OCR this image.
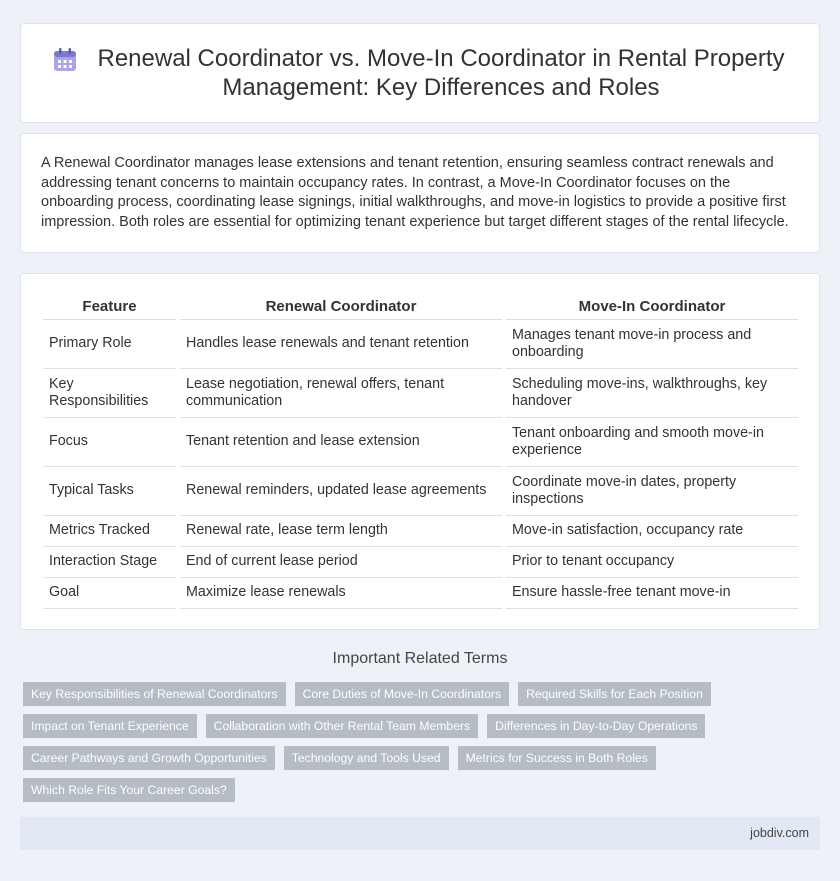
Renewal Coordinator vs. Move-In Coordinator in Rental Property Management: Key Differences and Roles

A Renewal Coordinator manages lease extensions and tenant retention, ensuring seamless contract renewals and addressing tenant concerns to maintain occupancy rates. In contrast, a Move-In Coordinator focuses on the onboarding process, coordinating lease signings, initial walkthroughs, and move-in logistics to provide a positive first impression. Both roles are essential for optimizing tenant experience but target different stages of the rental lifecycle.

Feature	Renewal Coordinator	Move-In Coordinator
Primary Role	Handles lease renewals and tenant retention	Manages tenant move-in process and onboarding
Key Responsibilities	Lease negotiation, renewal offers, tenant communication	Scheduling move-ins, walkthroughs, key handover
Focus	Tenant retention and lease extension	Tenant onboarding and smooth move-in experience
Typical Tasks	Renewal reminders, updated lease agreements	Coordinate move-in dates, property inspections
Metrics Tracked	Renewal rate, lease term length	Move-in satisfaction, occupancy rate
Interaction Stage	End of current lease period	Prior to tenant occupancy
Goal	Maximize lease renewals	Ensure hassle-free tenant move-in
Important Related Terms
Key Responsibilities of Renewal Coordinators	Core Duties of Move-In Coordinators	Required Skills for Each Position
Impact on Tenant Experience	Collaboration with Other Rental Team Members	Differences in Day-to-Day Operations
Career Pathways and Growth Opportunities	Technology and Tools Used	Metrics for Success in Both Roles
Which Role Fits Your Career Goals?
jobdiv.com
